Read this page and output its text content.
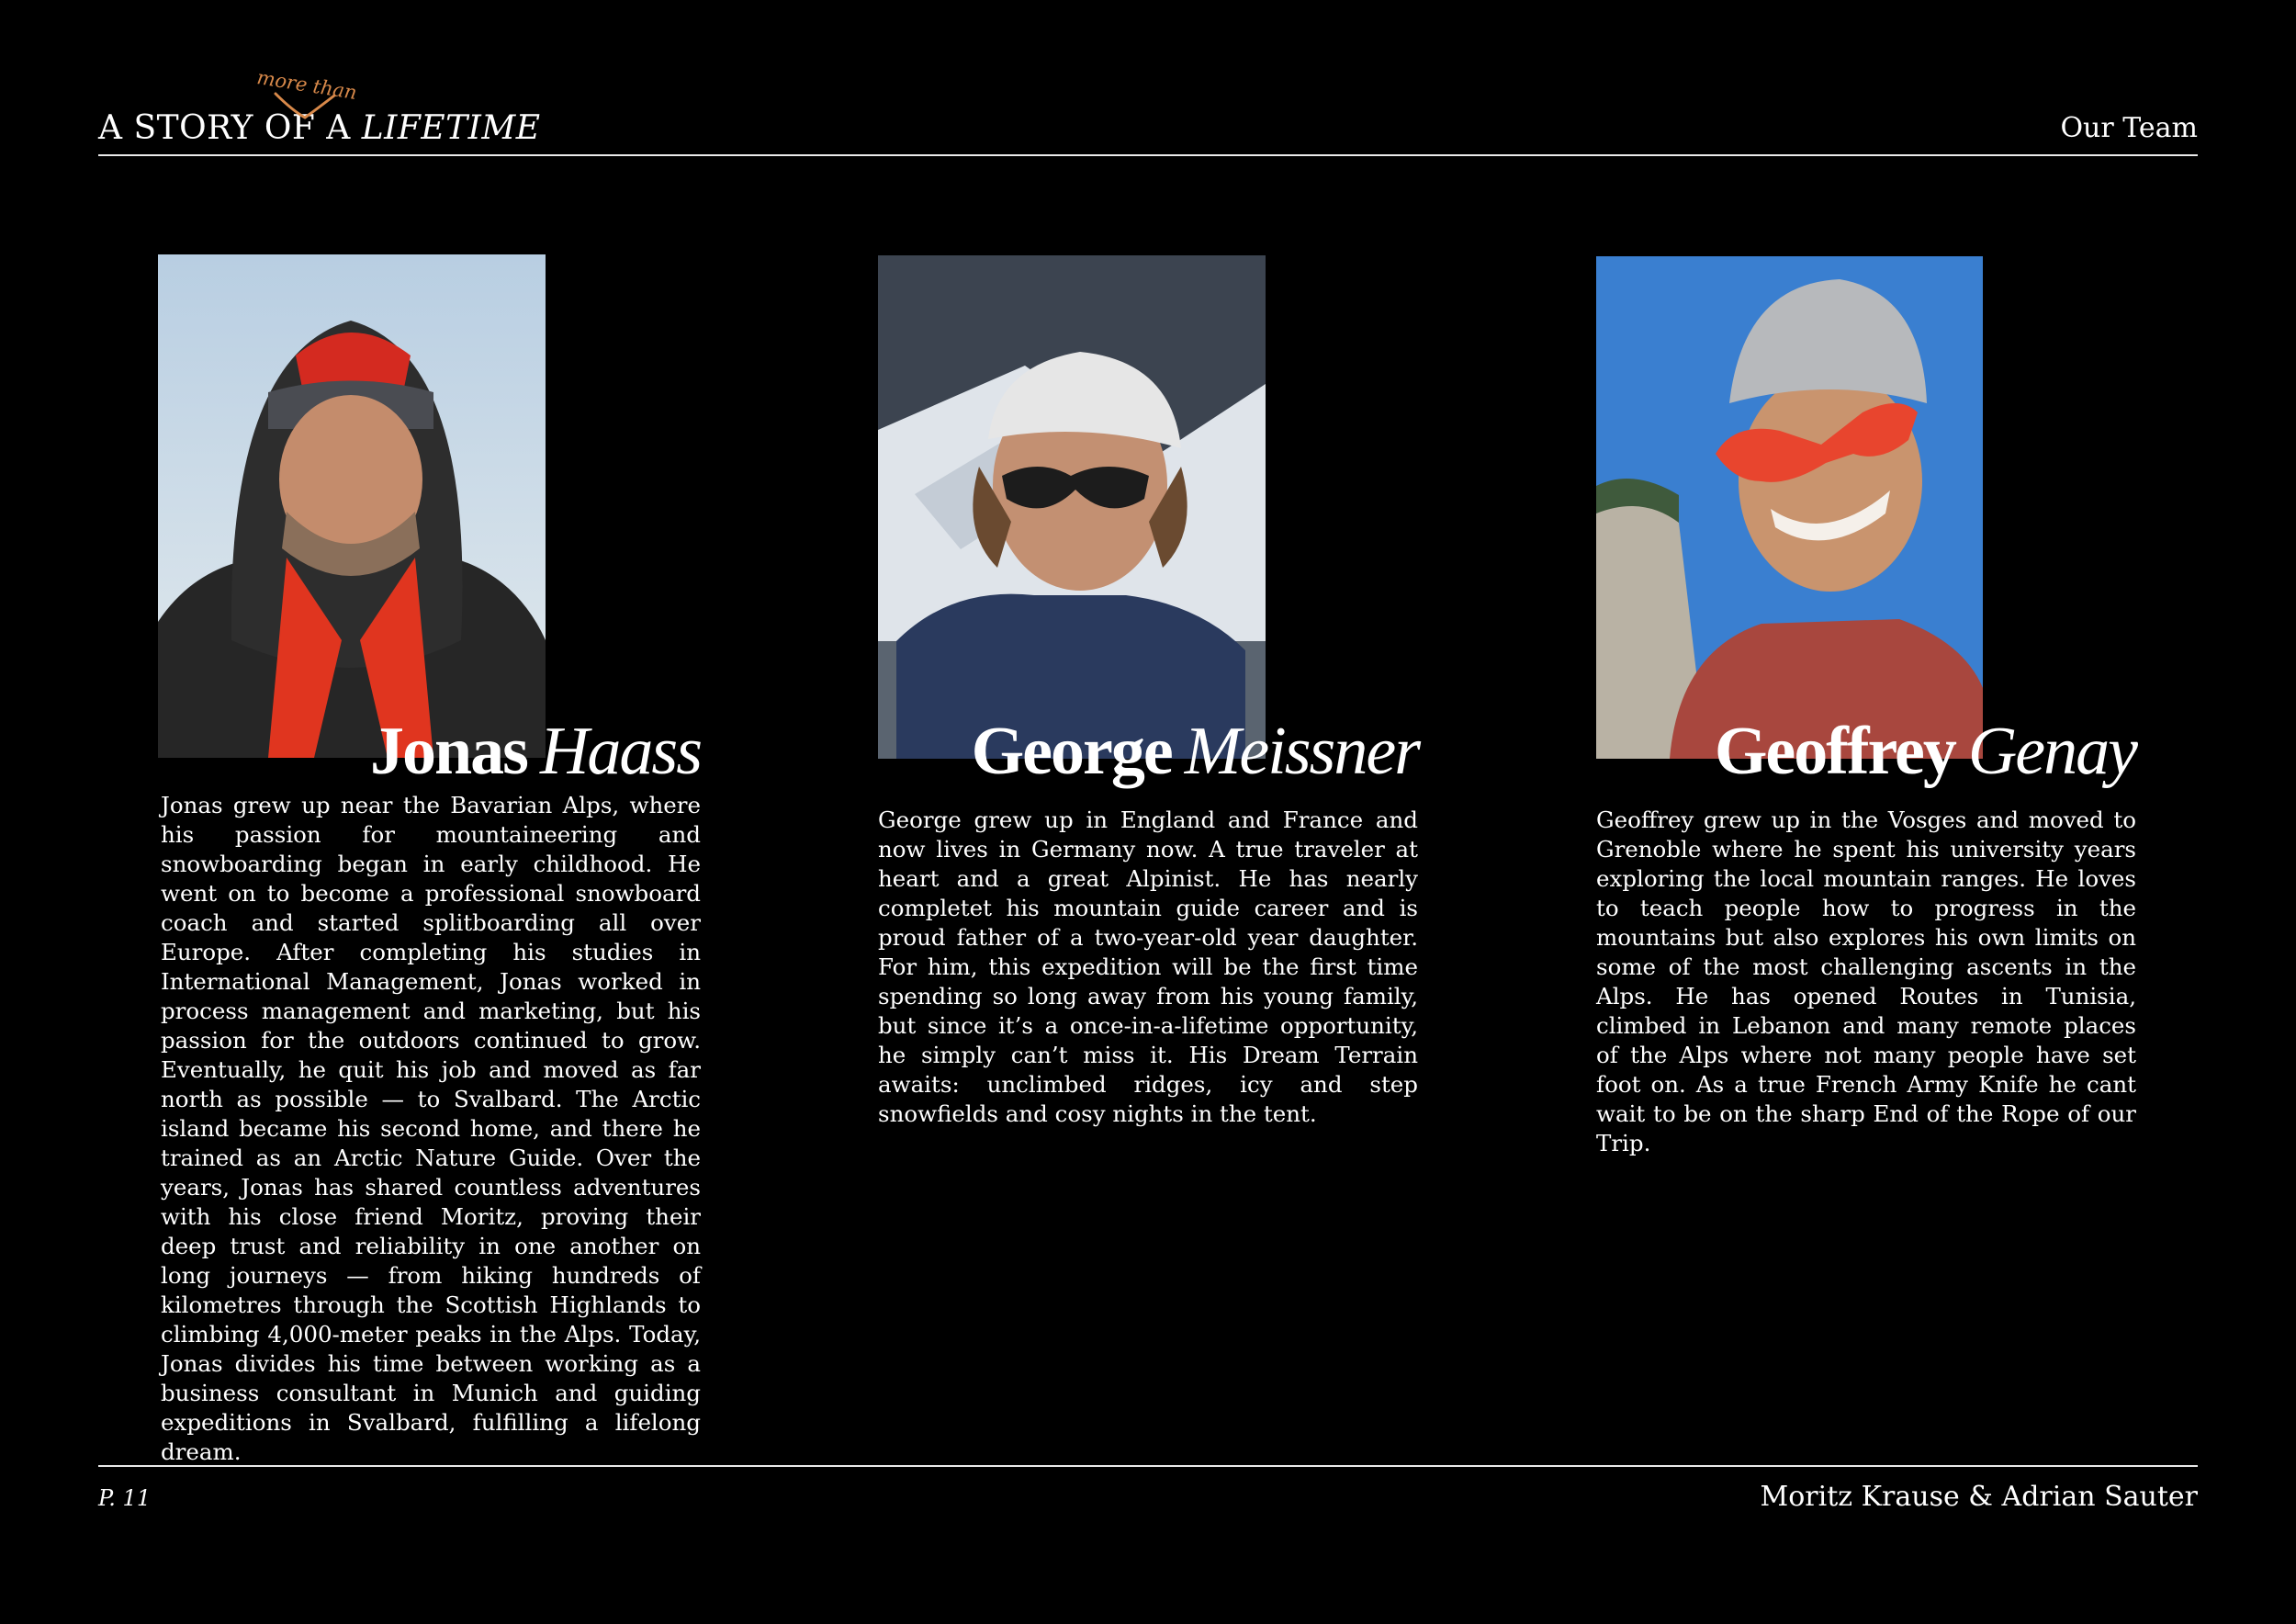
A STORY OF A LIFETIME
more than
Our Team
Jonas Haass

Jonas grew up near the Bavarian Alps, where his passion for mountaineering and snowboarding began in early childhood. He went on to become a professional snowboard coach and started splitboarding all over Europe. After completing his studies in International Management, Jonas worked in process management and marketing, but his passion for the outdoors continued to grow. Eventually, he quit his job and moved as far north as possible — to Svalbard. The Arctic island became his second home, and there he trained as an Arctic Nature Guide. Over the years, Jonas has shared countless adventures with his close friend Moritz, proving their deep trust and reliability in one another on long journeys — from hiking hundreds of kilometres through the Scottish Highlands to climbing 4,000-meter peaks in the Alps. Today, Jonas divides his time between working as a business consultant in Munich and guiding expeditions in Svalbard, fulfilling a lifelong dream.

George Meissner

George grew up in England and France and now lives in Germany now. A true traveler at heart and a great Alpinist. He has nearly completet his mountain guide career and is proud father of a two-year-old year daughter. For him, this expedition will be the first time spending so long away from his young family, but since it’s a once-in-a-lifetime opportunity, he simply can’t miss it. His Dream Terrain awaits: unclimbed ridges, icy and step snowfields and cosy nights in the tent.

Geoffrey Genay

Geoffrey grew up in the Vosges and moved to Grenoble where he spent his university years exploring the local mountain ranges. He loves to teach people how to progress in the mountains but also explores his own limits on some of the most challenging ascents in the Alps. He has opened Routes in Tunisia, climbed in Lebanon and many remote places of the Alps where not many people have set foot on. As a true French Army Knife he cant wait to be on the sharp End of the Rope of our Trip.

P. 11	Moritz Krause & Adrian Sauter
